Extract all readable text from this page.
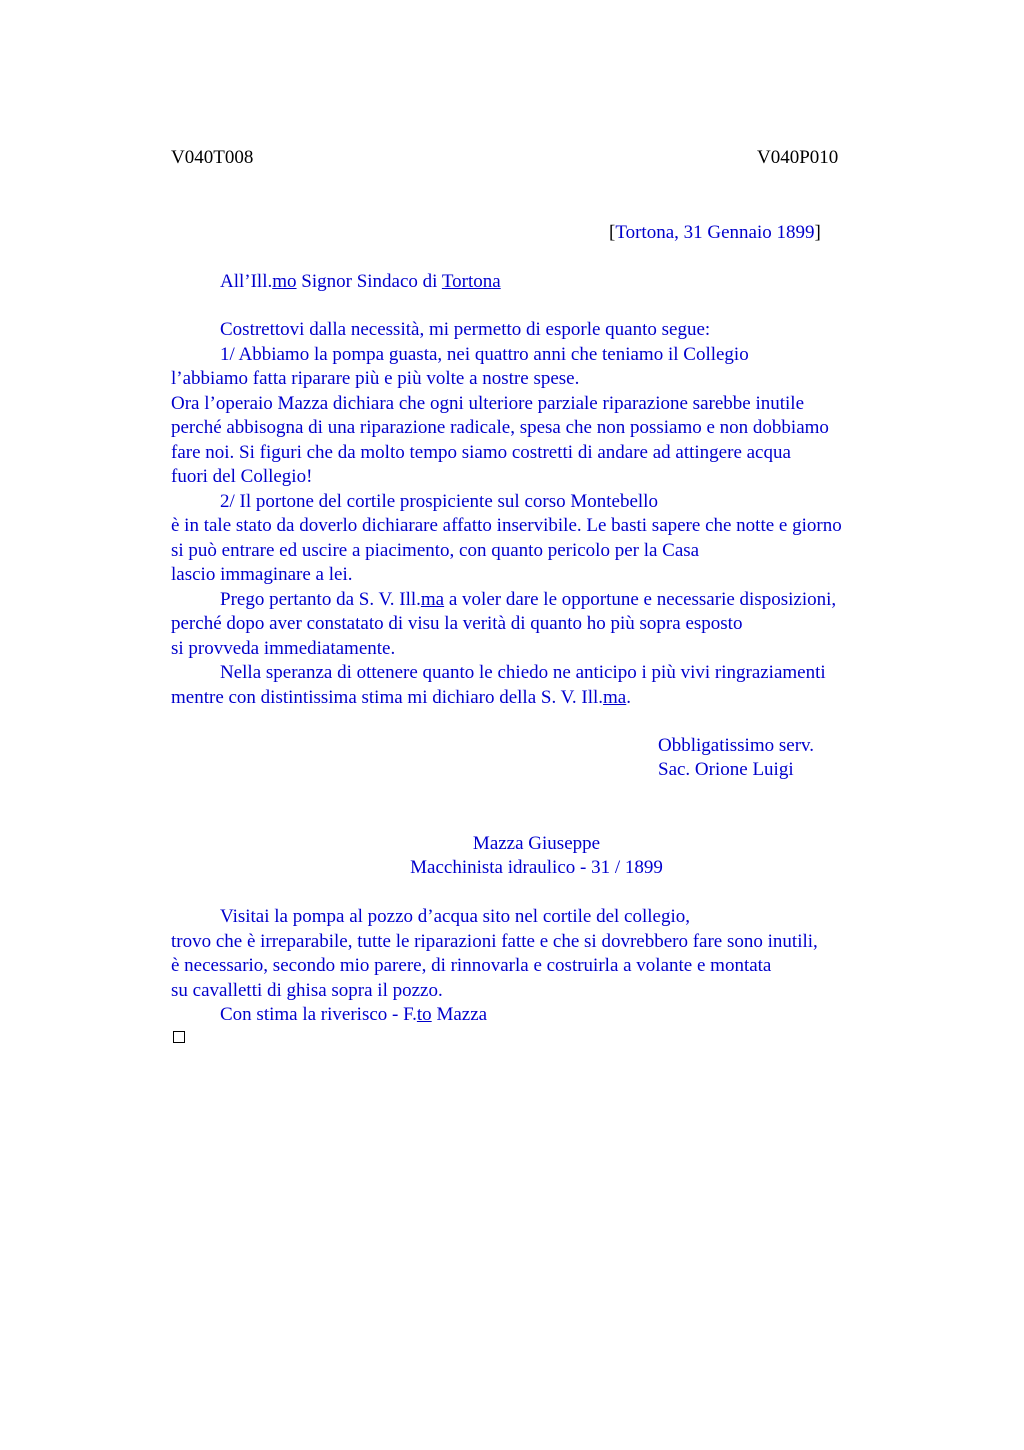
V040T008	V040P010
[Tortona, 31 Gennaio 1899]
All’Ill.mo Signor Sindaco di Tortona
Costrettovi dalla necessità, mi permetto di esporle quanto segue:
1/ Abbiamo la pompa guasta, nei quattro anni che teniamo il Collegio
l’abbiamo fatta riparare più e più volte a nostre spese.
Ora l’operaio Mazza dichiara che ogni ulteriore parziale riparazione sarebbe inutile
perché abbisogna di una riparazione radicale, spesa che non possiamo e non dobbiamo
fare noi. Si figuri che da molto tempo siamo costretti di andare ad attingere acqua
fuori del Collegio!
2/ Il portone del cortile prospiciente sul corso Montebello
è in tale stato da doverlo dichiarare affatto inservibile. Le basti sapere che notte e giorno
si può entrare ed uscire a piacimento, con quanto pericolo per la Casa
lascio immaginare a lei.
Prego pertanto da S. V. Ill.ma a voler dare le opportune e necessarie disposizioni,
perché dopo aver constatato di visu la verità di quanto ho più sopra esposto
si provveda immediatamente.
Nella speranza di ottenere quanto le chiedo ne anticipo i più vivi ringraziamenti
mentre con distintissima stima mi dichiaro della S. V. Ill.ma.
Obbligatissimo serv.
Sac. Orione Luigi
Mazza Giuseppe
Macchinista idraulico - 31 / 1899
Visitai la pompa al pozzo d’acqua sito nel cortile del collegio,
trovo che è irreparabile, tutte le riparazioni fatte e che si dovrebbero fare sono inutili,
è necessario, secondo mio parere, di rinnovarla e costruirla a volante e montata
su cavalletti di ghisa sopra il pozzo.
Con stima la riverisco - F.to Mazza
